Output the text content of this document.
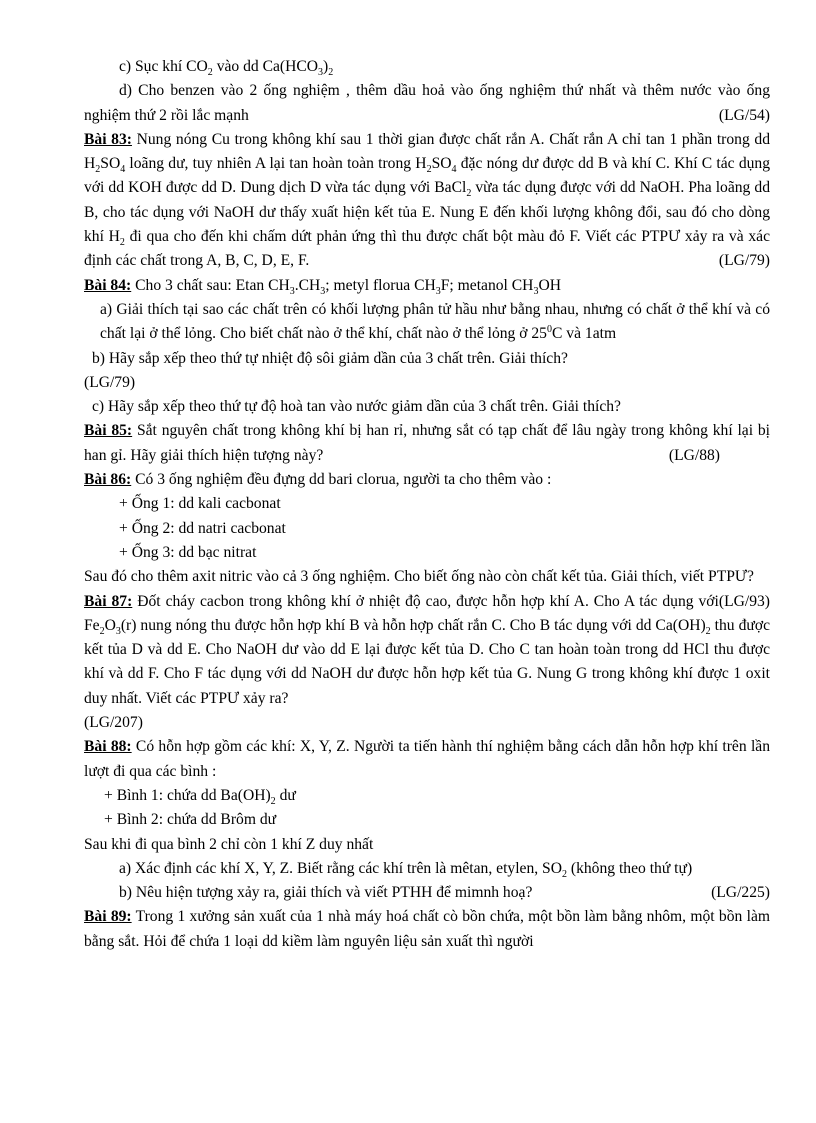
c) Sục khí $CO_2$ vào dd $Ca(HCO_3)_2$

d) Cho benzen vào 2 ống nghiệm , thêm dầu hoả vào ống nghiệm thứ nhất và thêm nước vào ống nghiệm thứ 2 rồi lắc mạnh	(LG/54)

Bài 83: Nung nóng Cu trong không khí sau 1 thời gian được chất rắn A. Chất rắn A chỉ tan 1 phần trong dd $H_2SO_4$ loãng dư, tuy nhiên A lại tan hoàn toàn trong $H_2SO_4$ đặc nóng dư được dd B và khí C. Khí C tác dụng với dd KOH được dd D. Dung dịch D vừa tác dụng với BaCl$_2$ vừa tác dụng được với dd NaOH. Pha loãng dd B, cho tác dụng với NaOH dư thấy xuất hiện kết tủa E. Nung E đến khối lượng không đổi, sau đó cho dòng khí $H_2$ đi qua cho đến khi chấm dứt phản ứng thì thu được chất bột màu đỏ F. Viết các PTPƯ xảy ra và xác định các chất trong A, B, C, D, E, F.	(LG/79)

Bài 84: Cho 3 chất sau: Etan $CH_3.CH_3$; metyl florua $CH_3F$; metanol $CH_3OH$

a) Giải thích tại sao các chất trên có khối lượng phân tử hầu như bằng nhau, nhưng có chất ở thể khí và có chất lại ở thể lỏng. Cho biết chất nào ở thể khí, chất nào ở thể lỏng ở $25^0C$ và 1atm

b) Hãy sắp xếp theo thứ tự nhiệt độ sôi giảm dần của 3 chất trên. Giải thích?

(LG/79)

c) Hãy sắp xếp theo thứ tự độ hoà tan vào nước giảm dần của 3 chất trên. Giải thích?

Bài 85: Sắt nguyên chất trong không khí bị han rỉ, nhưng sắt có tạp chất để lâu ngày trong không khí lại bị han gỉ. Hãy giải thích hiện tượng này?	(LG/88)

Bài 86: Có 3 ống nghiệm đều đựng dd bari clorua, người ta cho thêm vào :

+ Ống 1: dd kali cacbonat

+ Ống 2: dd natri cacbonat

+ Ống 3: dd bạc nitrat

Sau đó cho thêm axit nitric vào cả 3 ống nghiệm. Cho biết ống nào còn chất kết tủa. Giải thích, viết PTPƯ?
(LG/93)

Bài 87: Đốt cháy cacbon trong không khí ở nhiệt độ cao, được hỗn hợp khí A. Cho A tác dụng với $Fe_2O_3(r)$ nung nóng thu được hỗn hợp khí B và hỗn hợp chất rắn C. Cho B tác dụng với dd $Ca(OH)_2$ thu được kết tủa D và dd E. Cho NaOH dư vào dd E lại được kết tủa D. Cho C tan hoàn toàn trong dd HCl thu được khí và dd F. Cho F tác dụng với dd NaOH dư được hỗn hợp kết tủa G. Nung G trong không khí được 1 oxit duy nhất. Viết các PTPƯ xảy ra?

(LG/207)

Bài 88: Có hỗn hợp gồm các khí: X, Y, Z. Người ta tiến hành thí nghiệm bằng cách dẫn hỗn hợp khí trên lần lượt đi qua các bình :

+ Bình 1: chứa dd $Ba(OH)_2$ dư

+ Bình 2: chứa dd Brôm dư

Sau khi đi qua bình 2 chỉ còn 1 khí Z duy nhất

a) Xác định các khí X, Y, Z. Biết rằng các khí trên là mêtan, etylen, $SO_2$ (không theo thứ tự)

b) Nêu hiện tượng xảy ra, giải thích và viết PTHH để mimnh hoạ?	(LG/225)

Bài 89: Trong 1 xưởng sản xuất của 1 nhà máy hoá chất cò bồn chứa, một bồn làm bằng nhôm, một bồn làm bằng sắt. Hỏi để chứa 1 loại dd kiềm làm nguyên liệu sản xuất thì người
